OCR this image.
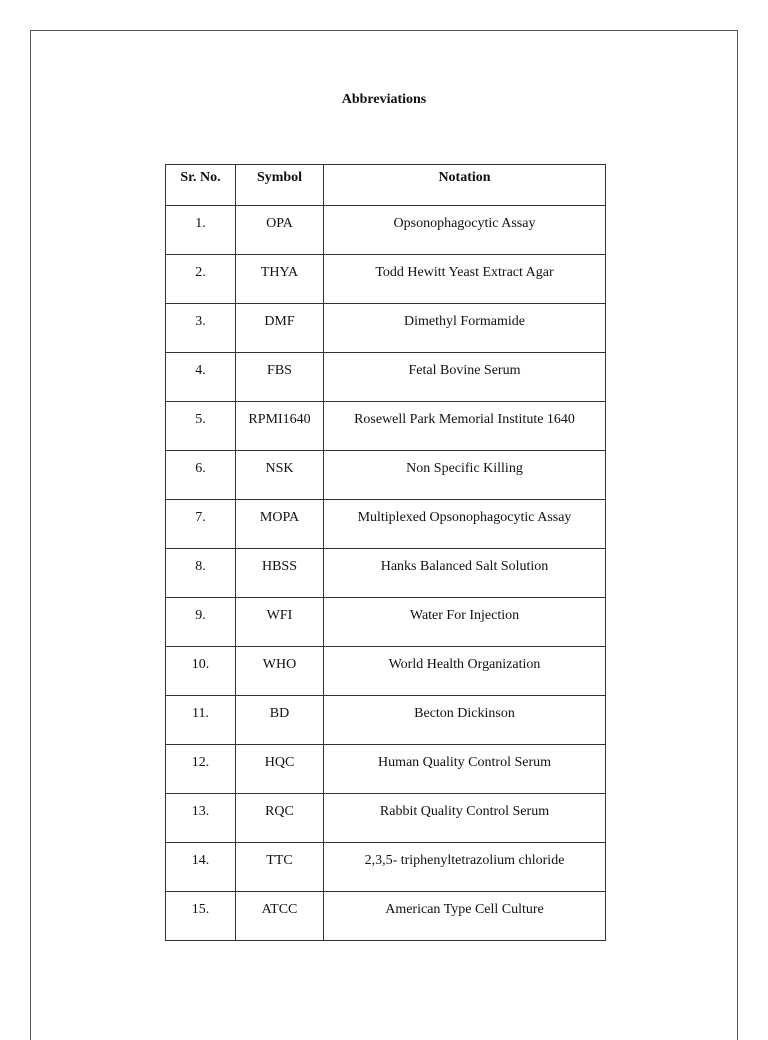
Abbreviations
Sr. No.	Symbol	Notation
1.	OPA	Opsonophagocytic Assay
2.	THYA	Todd Hewitt Yeast Extract Agar
3.	DMF	Dimethyl Formamide
4.	FBS	Fetal Bovine Serum
5.	RPMI1640	Rosewell Park Memorial Institute 1640
6.	NSK	Non Specific Killing
7.	MOPA	Multiplexed Opsonophagocytic Assay
8.	HBSS	Hanks Balanced Salt Solution
9.	WFI	Water For Injection
10.	WHO	World Health Organization
11.	BD	Becton Dickinson
12.	HQC	Human Quality Control Serum
13.	RQC	Rabbit Quality Control Serum
14.	TTC	2,3,5- triphenyltetrazolium chloride
15.	ATCC	American Type Cell Culture
